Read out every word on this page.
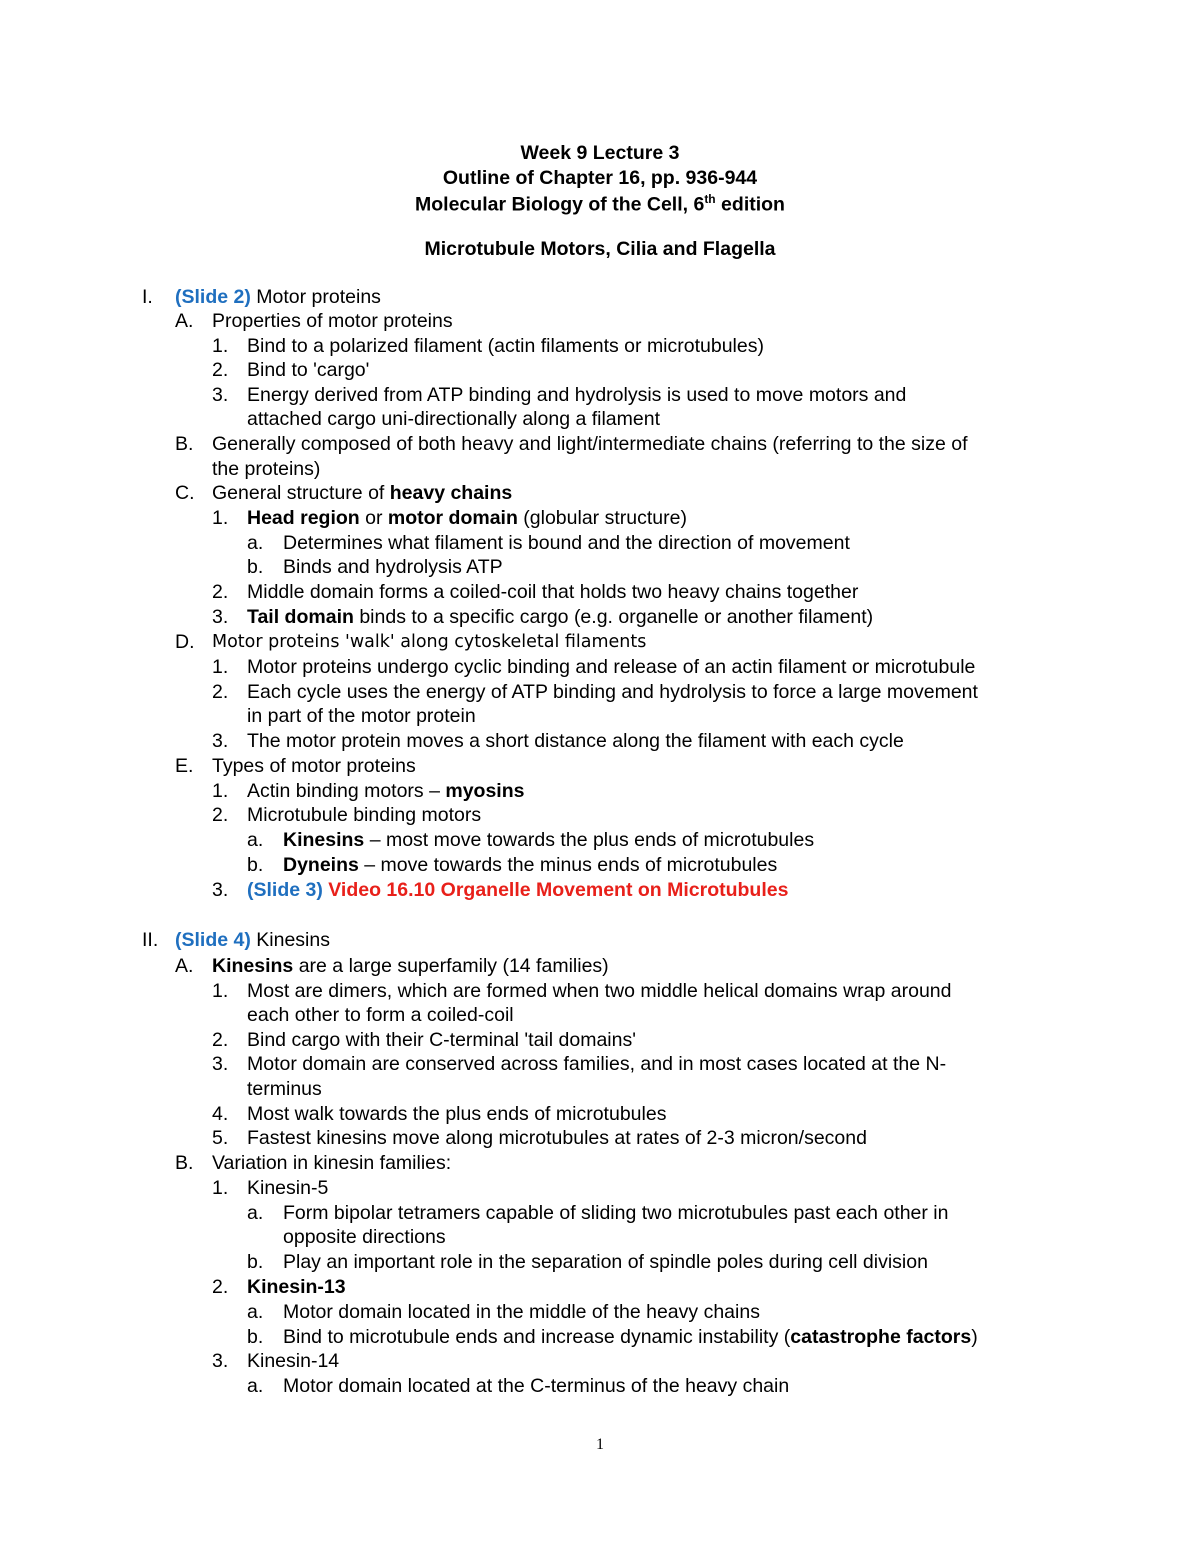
Week 9 Lecture 3
Outline of Chapter 16, pp. 936-944
Molecular Biology of the Cell, 6th edition
Microtubule Motors, Cilia and Flagella
I. (Slide 2) Motor proteins
A. Properties of motor proteins
1. Bind to a polarized filament (actin filaments or microtubules)
2. Bind to 'cargo'
3. Energy derived from ATP binding and hydrolysis is used to move motors and
attached cargo uni-directionally along a filament
B. Generally composed of both heavy and light/intermediate chains (referring to the size of
the proteins)
C. General structure of heavy chains
1. Head region or motor domain (globular structure)
a. Determines what filament is bound and the direction of movement
b. Binds and hydrolysis ATP
2. Middle domain forms a coiled-coil that holds two heavy chains together
3. Tail domain binds to a specific cargo (e.g. organelle or another filament)
D. Motor proteins 'walk' along cytoskeletal filaments
1. Motor proteins undergo cyclic binding and release of an actin filament or microtubule
2. Each cycle uses the energy of ATP binding and hydrolysis to force a large movement
in part of the motor protein
3. The motor protein moves a short distance along the filament with each cycle
E. Types of motor proteins
1. Actin binding motors – myosins
2. Microtubule binding motors
a. Kinesins – most move towards the plus ends of microtubules
b. Dyneins – move towards the minus ends of microtubules
3. (Slide 3) Video 16.10 Organelle Movement on Microtubules
II. (Slide 4) Kinesins
A. Kinesins are a large superfamily (14 families)
1. Most are dimers, which are formed when two middle helical domains wrap around
each other to form a coiled-coil
2. Bind cargo with their C-terminal 'tail domains'
3. Motor domain are conserved across families, and in most cases located at the N-
terminus
4. Most walk towards the plus ends of microtubules
5. Fastest kinesins move along microtubules at rates of 2-3 micron/second
B. Variation in kinesin families:
1. Kinesin-5
a. Form bipolar tetramers capable of sliding two microtubules past each other in
opposite directions
b. Play an important role in the separation of spindle poles during cell division
2. Kinesin-13
a. Motor domain located in the middle of the heavy chains
b. Bind to microtubule ends and increase dynamic instability (catastrophe factors)
3. Kinesin-14
a. Motor domain located at the C-terminus of the heavy chain
1
